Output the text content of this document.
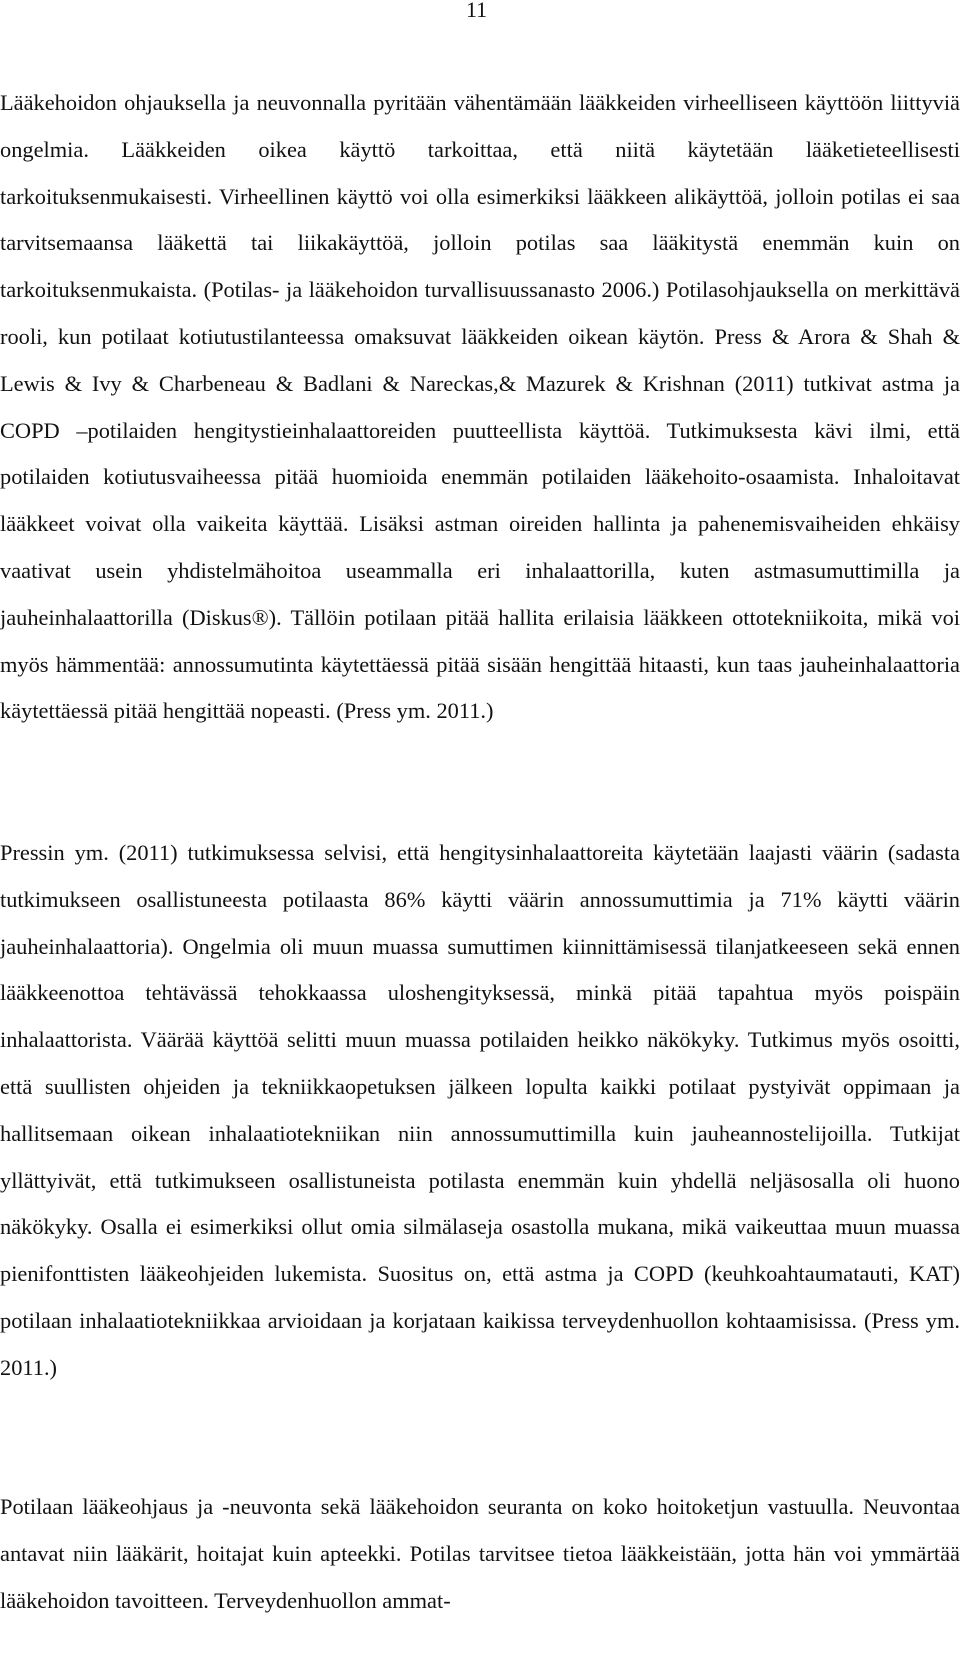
11

Lääkehoidon ohjauksella ja neuvonnalla pyritään vähentämään lääkkeiden virheelliseen käyttöön liittyviä ongelmia. Lääkkeiden oikea käyttö tarkoittaa, että niitä käytetään lääketieteellisesti tarkoituksenmukaisesti. Virheellinen käyttö voi olla esimerkiksi lääkkeen alikäyttöä, jolloin potilas ei saa tarvitsemaansa lääkettä tai liikakäyttöä, jolloin potilas saa lääkitystä enemmän kuin on tarkoituksenmukaista. (Potilas- ja lääkehoidon turvallisuussanasto 2006.) Potilasohjauksella on merkittävä rooli, kun potilaat kotiutustilanteessa omaksuvat lääkkeiden oikean käytön. Press & Arora & Shah & Lewis & Ivy & Charbeneau & Badlani & Nareckas,& Mazurek & Krishnan (2011) tutkivat astma ja COPD –potilaiden hengitystieinhalaattoreiden puutteellista käyttöä. Tutkimuksesta kävi ilmi, että potilaiden kotiutusvaiheessa pitää huomioida enemmän potilaiden lääkehoito-osaamista. Inhaloitavat lääkkeet voivat olla vaikeita käyttää. Lisäksi astman oireiden hallinta ja pahenemisvaiheiden ehkäisy vaativat usein yhdistelmähoitoa useammalla eri inhalaattorilla, kuten astmasumuttimilla ja jauheinhalaattorilla (Diskus®). Tällöin potilaan pitää hallita erilaisia lääkkeen ottotekniikoita, mikä voi myös hämmentää: annossumutinta käytettäessä pitää sisään hengittää hitaasti, kun taas jauheinhalaattoria käytettäessä pitää hengittää nopeasti. (Press ym. 2011.)

Pressin ym. (2011) tutkimuksessa selvisi, että hengitysinhalaattoreita käytetään laajasti väärin (sadasta tutkimukseen osallistuneesta potilaasta 86% käytti väärin annossumuttimia ja 71% käytti väärin jauheinhalaattoria). Ongelmia oli muun muassa sumuttimen kiinnittämisessä tilanjatkeeseen sekä ennen lääkkeenottoa tehtävässä tehokkaassa uloshengityksessä, minkä pitää tapahtua myös poispäin inhalaattorista. Väärää käyttöä selitti muun muassa potilaiden heikko näkökyky. Tutkimus myös osoitti, että suullisten ohjeiden ja tekniikkaopetuksen jälkeen lopulta kaikki potilaat pystyivät oppimaan ja hallitsemaan oikean inhalaatiotekniikan niin annossumuttimilla kuin jauheannostelijoilla. Tutkijat yllättyivät, että tutkimukseen osallistuneista potilasta enemmän kuin yhdellä neljäsosalla oli huono näkökyky. Osalla ei esimerkiksi ollut omia silmälaseja osastolla mukana, mikä vaikeuttaa muun muassa pienifonttisten lääkeohjeiden lukemista. Suositus on, että astma ja COPD (keuhkoahtaumatauti, KAT) potilaan inhalaatiotekniikkaa arvioidaan ja korjataan kaikissa terveydenhuollon kohtaamisissa. (Press ym. 2011.)

Potilaan lääkeohjaus ja -neuvonta sekä lääkehoidon seuranta on koko hoitoketjun vastuulla. Neuvontaa antavat niin lääkärit, hoitajat kuin apteekki. Potilas tarvitsee tietoa lääkkeistään, jotta hän voi ymmärtää lääkehoidon tavoitteen. Terveydenhuollon ammat-
